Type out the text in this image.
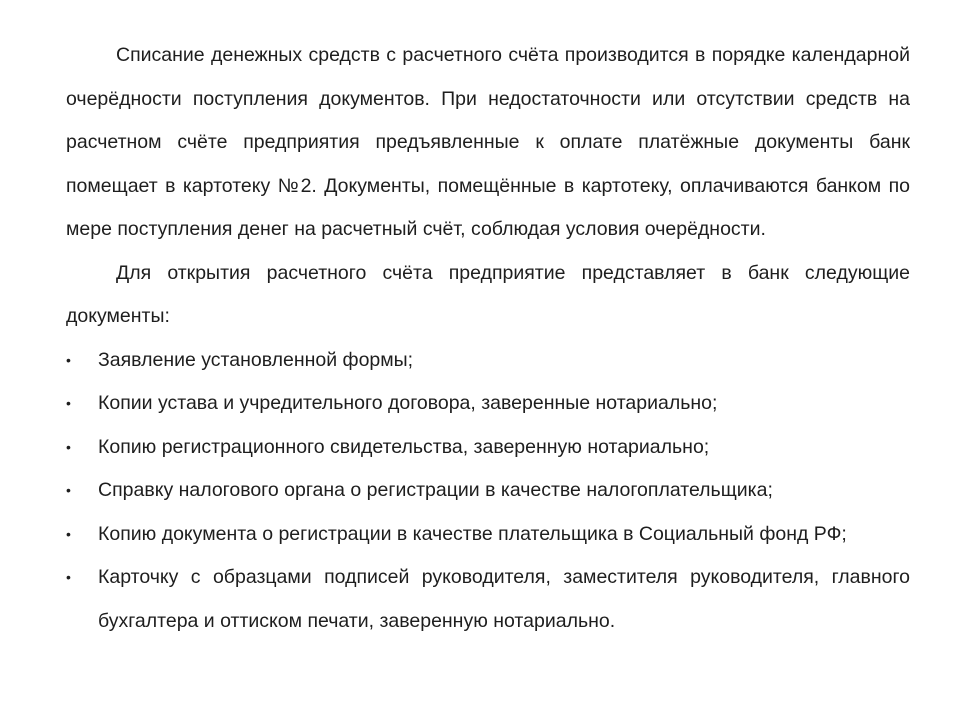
Списание денежных средств с расчетного счёта производится в порядке календарной очерёдности поступления документов. При недостаточности или отсутствии средств на расчетном счёте предприятия предъявленные к оплате платёжные документы банк помещает в картотеку №2. Документы, помещённые в картотеку, оплачиваются банком по мере поступления денег на расчетный счёт, соблюдая условия очерёдности.

Для открытия расчетного счёта предприятие представляет в банк следующие документы:

• Заявление установленной формы;
• Копии устава и учредительного договора, заверенные нотариально;
• Копию регистрационного свидетельства, заверенную нотариально;
• Справку налогового органа о регистрации в качестве налогоплательщика;
• Копию документа о регистрации в качестве плательщика в Социальный фонд РФ;
• Карточку с образцами подписей руководителя, заместителя руководителя, главного бухгалтера и оттиском печати, заверенную нотариально.
